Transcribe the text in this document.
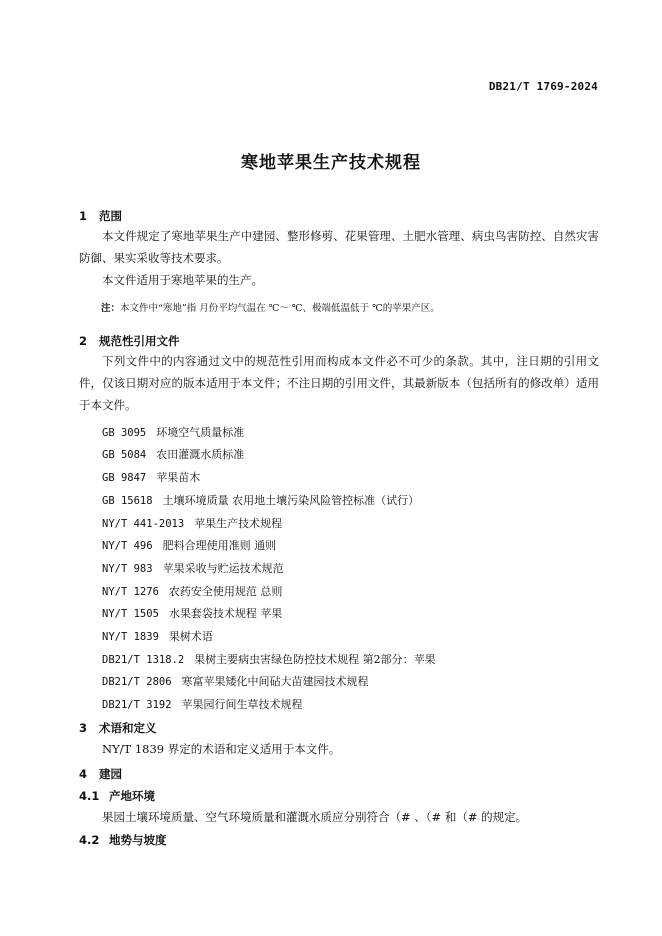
DB21/T 1769-2024
寒地苹果生产技术规程
1 范围
本文件规定了寒地苹果生产中建园、整形修剪、花果管理、土肥水管理、病虫鸟害防控、自然灾害防御、果实采收等技术要求。
本文件适用于寒地苹果的生产。
注：本文件中“寒地”指 月份平均气温在 ℃～ ℃、极端低温低于 ℃的苹果产区。
2 规范性引用文件
下列文件中的内容通过文中的规范性引用而构成本文件必不可少的条款。其中，注日期的引用文件，仅该日期对应的版本适用于本文件；不注日期的引用文件，其最新版本（包括所有的修改单）适用于本文件。
GB 3095 环境空气质量标准
GB 5084 农田灌溉水质标准
GB 9847 苹果苗木
GB 15618 土壤环境质量 农用地土壤污染风险管控标准（试行）
NY/T 441-2013 苹果生产技术规程
NY/T 496 肥料合理使用准则 通则
NY/T 983 苹果采收与贮运技术规范
NY/T 1276 农药安全使用规范 总则
NY/T 1505 水果套袋技术规程 苹果
NY/T 1839 果树术语
DB21/T 1318.2 果树主要病虫害绿色防控技术规程 第2部分：苹果
DB21/T 2806 寒富苹果矮化中间砧大苗建园技术规程
DB21/T 3192 苹果园行间生草技术规程
3 术语和定义
NY/T 1839 界定的术语和定义适用于本文件。
4 建园
4.1 产地环境
果园土壤环境质量、空气环境质量和灌溉水质应分别符合（# 、（# 和（# 的规定。
4.2 地势与坡度
